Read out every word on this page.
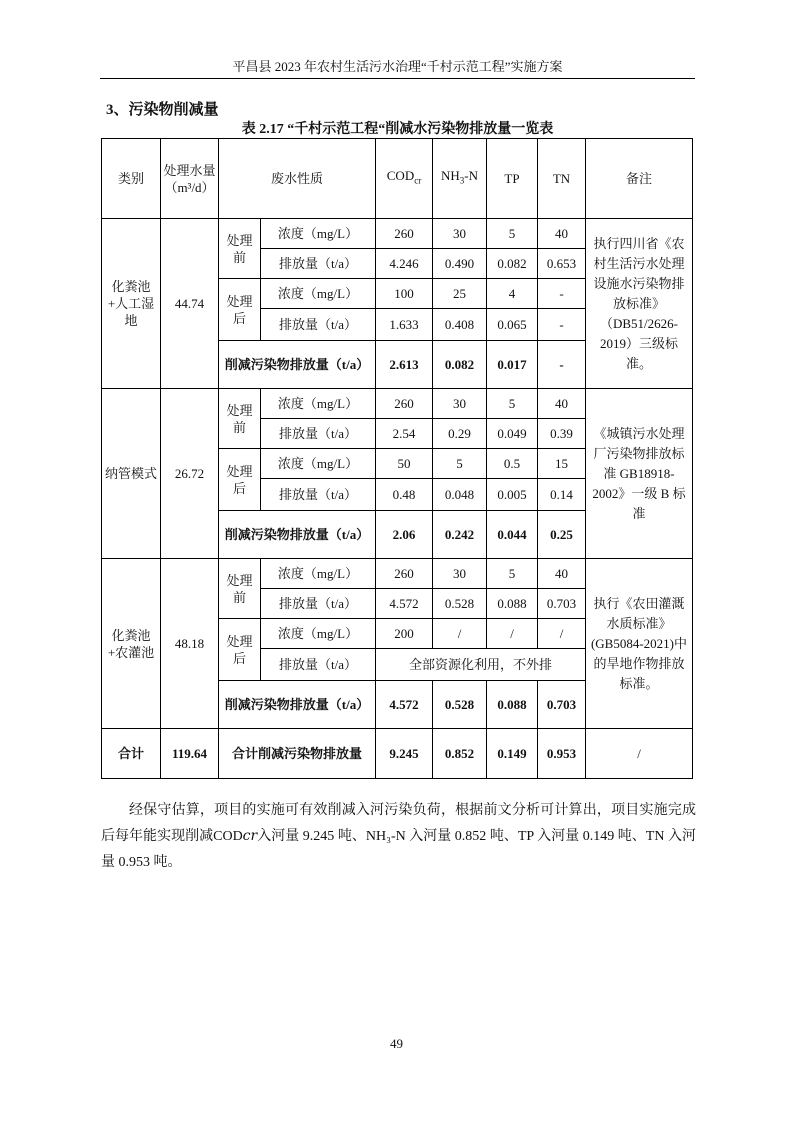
平昌县 2023 年农村生活污水治理“千村示范工程”实施方案
3、污染物削减量
表 2.17 “千村示范工程“削减水污染物排放量一览表
类别	处理水量（m³/d）	废水性质		$COD_{cr}$	$NH_3-N$	TP	TN	备注
化粪池+人工湿地	44.74	处理前	浓度（mg/L）	260	30	5	40	执行四川省《农村生活污水处理设施水污染物排放标准》（DB51/2626-2019）三级标准。
			排放量（t/a）	4.246	0.490	0.082	0.653	
		处理后	浓度（mg/L）	100	25	4	-	
			排放量（t/a）	1.633	0.408	0.065	-	
		削减污染物排放量（t/a）		2.613	0.082	0.017	-	
纳管模式	26.72	处理前	浓度（mg/L）	260	30	5	40	《城镇污水处理厂污染物排放标准 GB18918-2002》一级 B 标准
			排放量（t/a）	2.54	0.29	0.049	0.39	
		处理后	浓度（mg/L）	50	5	0.5	15	
			排放量（t/a）	0.48	0.048	0.005	0.14	
		削减污染物排放量（t/a）		2.06	0.242	0.044	0.25	
化粪池+农灌池	48.18	处理前	浓度（mg/L）	260	30	5	40	执行《农田灌溉水质标准》(GB5084-2021)中的旱地作物排放标准。
			排放量（t/a）	4.572	0.528	0.088	0.703	
		处理后	浓度（mg/L）	200	/	/	/	
			排放量（t/a）	全部资源化利用，不外排				
		削减污染物排放量（t/a）		4.572	0.528	0.088	0.703	
合计	119.64	合计削减污染物排放量		9.245	0.852	0.149	0.953	/
经保守估算，项目的实施可有效削减入河污染负荷，根据前文分析可计算出，项目实施完成后每年能实现削减COD𝑐𝑟入河量 9.245 吨、NH₃-N 入河量 0.852 吨、TP 入河量 0.149 吨、TN 入河量 0.953 吨。
49
